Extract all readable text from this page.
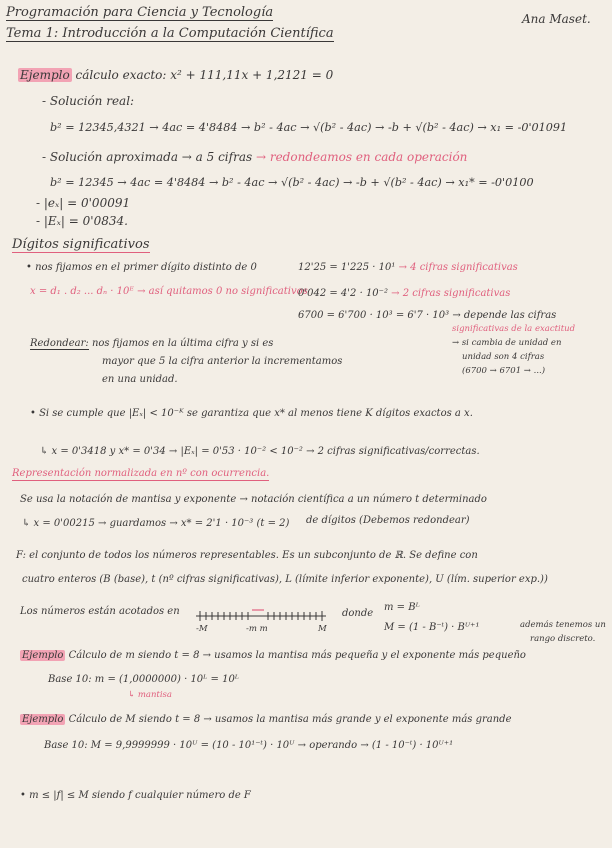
Programación para Ciencia y Tecnología
Tema 1: Introducción a la Computación Científica
Ana Maset.
Ejemplo cálculo exacto: x² + 111,11x + 1,2121 = 0
- Solución real:
b² = 12345,4321 → 4ac = 4'8484 → b² - 4ac → √(b² - 4ac) → -b + √(b² - 4ac) → x₁ = -0'01091
- Solución aproximada → a 5 cifras → redondeamos en cada operación
b² = 12345 → 4ac = 4'8484 → b² - 4ac → √(b² - 4ac) → -b + √(b² - 4ac) → x₁* = -0'0100
- |eₓ| = 0'00091
- |Eₓ| = 0'0834.
Dígitos significativos
• nos fijamos en el primer dígito distinto de 0
x = d₁ . d₂ ... dₙ · 10ᴱ → así quitamos 0 no significativos
12'25 = 1'225 · 10¹ → 4 cifras significativas
0'042 = 4'2 · 10⁻² → 2 cifras significativas
6700 = 6'700 · 10³ = 6'7 · 10³ → depende las cifras
significativas de la exactitud
→ si cambia de unidad en
unidad son 4 cifras
(6700 → 6701 → ...)
Redondear: nos fijamos en la última cifra y si es
mayor que 5 la cifra anterior la incrementamos
en una unidad.
• Si se cumple que |Eₓ| < 10⁻ᴷ se garantiza que x* al menos tiene K dígitos exactos a x.
↳ x = 0'3418 y x* = 0'34 → |Eₓ| = 0'53 · 10⁻² < 10⁻² → 2 cifras significativas/correctas.
Representación normalizada en nº con ocurrencia.
Se usa la notación de mantisa y exponente → notación científica a un número t determinado
↳ x = 0'00215 → guardamos → x* = 2'1 · 10⁻³ (t = 2) de dígitos (Debemos redondear)
F: el conjunto de todos los números representables. Es un subconjunto de ℝ. Se define con
cuatro enteros (B (base), t (nº cifras significativas), L (límite inferior exponente), U (lím. superior exp.))
Los números están acotados en
-M	-m m	M
donde
m = Bᴸ
M = (1 - B⁻ᵗ) · Bᵁ⁺¹	además tenemos un
rango discreto.
Ejemplo Cálculo de m siendo t = 8 → usamos la mantisa más pequeña y el exponente más pequeño
Base 10: m = (1,0000000) · 10ᴸ = 10ᴸ
↳ mantisa
Ejemplo Cálculo de M siendo t = 8 → usamos la mantisa más grande y el exponente más grande
Base 10: M = 9,9999999 · 10ᵁ = (10 - 10¹⁻ᵗ) · 10ᵁ → operando → (1 - 10⁻ᵗ) · 10ᵁ⁺¹
• m ≤ |f| ≤ M siendo f cualquier número de F
